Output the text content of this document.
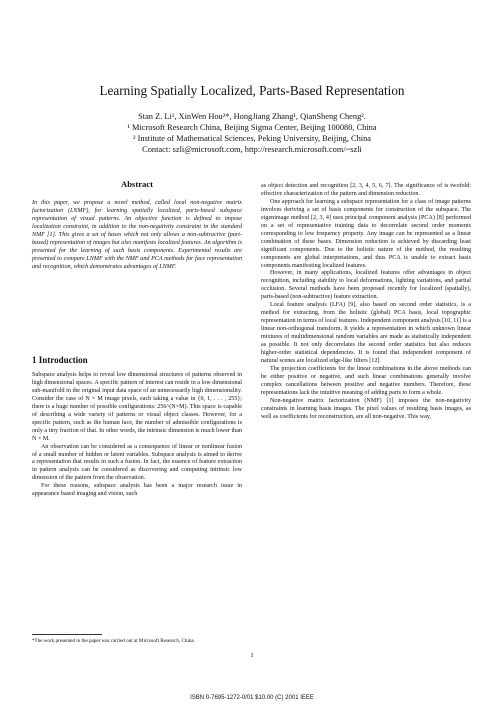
Learning Spatially Localized, Parts-Based Representation
Stan Z. Li¹, XinWen Hou²*, HongJiang Zhang¹, QianSheng Cheng².
¹ Microsoft Research China, Beijing Sigma Center, Beijing 100080, China
² Institute of Mathematical Sciences, Peking University, Beijing, China
Contact: szli@microsoft.com, http://research.microsoft.com/~szli
Abstract
In this paper, we propose a novel method, called local non-negative matrix factorization (LNMF), for learning spatially localized, parts-based subspace representation of visual patterns. An objective function is defined to impose localization constraint, in addition to the non-negativity constraint in the standard NMF [1]. This gives a set of bases which not only allows a non-subtractive (part-based) representation of images but also manifests localized features. An algorithm is presented for the learning of such basis components. Experimental results are presented to compare LNMF with the NMF and PCA methods for face representation and recognition, which demonstrates advantages of LNMF.
1 Introduction

Subspace analysis helps to reveal low dimensional structures of patterns observed in high dimensional spaces. A specific pattern of interest can reside in a low dimensional sub-manifold in the original input data space of an unnecessarily high dimensionality. Consider the case of N × M image pixels, each taking a value in {0, 1, . . . , 255}; there is a huge number of possible configurations: 256^(N×M). This space is capable of describing a wide variety of patterns or visual object classes. However, for a specific pattern, such as the human face, the number of admissible configurations is only a tiny fraction of that. In other words, the intrinsic dimension is much lower than N × M.

An observation can be considered as a consequence of linear or nonlinear fusion of a small number of hidden or latent variables. Subspace analysis is aimed to derive a representation that results in such a fusion. In fact, the essence of feature extraction in pattern analysis can be considered as discovering and computing intrinsic low dimension of the pattern from the observation.

For these reasons, subspace analysis has been a major research issue in appearance based imaging and vision, such

*The work presented in the paper was carried out at Microsoft Research, China.

as object detection and recognition [2, 3, 4, 5, 6, 7]. The significance of is twofold: effective characterization of the pattern and dimension reduction.

One approach for learning a subspace representation for a class of image patterns involves deriving a set of basis components for construction of the subspace. The eigenimage method [2, 3, 4] uses principal component analysis (PCA) [8] performed on a set of representative training data to decorrelate second order moments corresponding to low frequency property. Any image can be represented as a linear combination of these bases. Dimension reduction is achieved by discarding least significant components. Due to the holistic nature of the method, the resulting components are global interpretations, and thus PCA is unable to extract basis components manifesting localized features.

However, in many applications, localized features offer advantages in object recognition, including stability to local deformations, lighting variations, and partial occlusion. Several methods have been proposed recently for localized (spatially), parts-based (non-subtractive) feature extraction.

Local feature analysis (LFA) [9], also based on second order statistics, is a method for extracting, from the holistic (global) PCA basis, local topographic representation in terms of local features. Independent component analysis [10, 11] is a linear non-orthogonal transform. It yields a representation in which unknown linear mixtures of multidimensional random variables are made as statistically independent as possible. It not only decorrelates the second order statistics but also reduces higher-order statistical dependencies. It is found that independent component of natural scenes are localized edge-like filters [12].

The projection coefficients for the linear combinations in the above methods can be either positive or negative, and such linear combinations generally involve complex cancellations between positive and negative numbers. Therefore, these representations lack the intuitive meaning of adding parts to form a whole.

Non-negative matrix factorization (NMF) [1] imposes the non-negativity constraints in learning basis images. The pixel values of resulting basis images, as well as coefficients for reconstruction, are all non-negative. This way,

1
ISBN 0-7695-1272-0/01 $10.00 (C) 2001 IEEE
